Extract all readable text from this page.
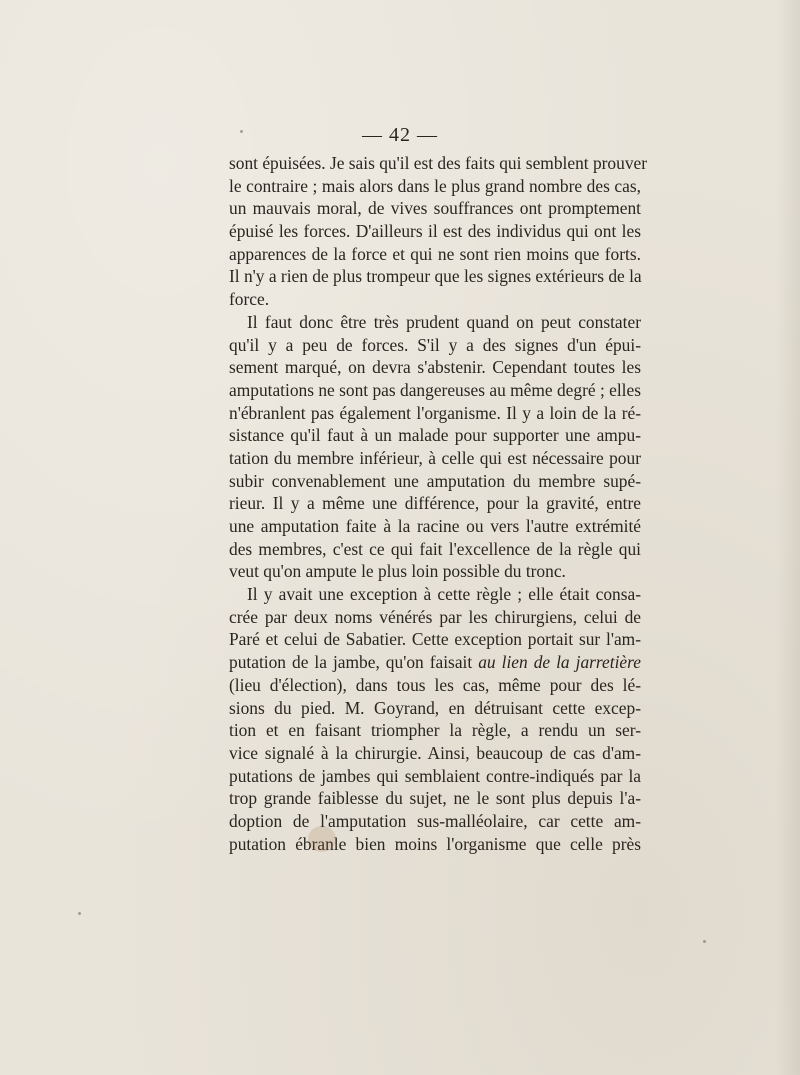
— 42 —
sont épuisées. Je sais qu'il est des faits qui semblent prouver
le contraire ; mais alors dans le plus grand nombre des cas,
un mauvais moral, de vives souffrances ont promptement
épuisé les forces. D'ailleurs il est des individus qui ont les
apparences de la force et qui ne sont rien moins que forts.
Il n'y a rien de plus trompeur que les signes extérieurs de la
force.
Il faut donc être très prudent quand on peut constater
qu'il y a peu de forces. S'il y a des signes d'un épui-
sement marqué, on devra s'abstenir. Cependant toutes les
amputations ne sont pas dangereuses au même degré ; elles
n'ébranlent pas également l'organisme. Il y a loin de la ré-
sistance qu'il faut à un malade pour supporter une ampu-
tation du membre inférieur, à celle qui est nécessaire pour
subir convenablement une amputation du membre supé-
rieur. Il y a même une différence, pour la gravité, entre
une amputation faite à la racine ou vers l'autre extrémité
des membres, c'est ce qui fait l'excellence de la règle qui
veut qu'on ampute le plus loin possible du tronc.
Il y avait une exception à cette règle ; elle était consa-
crée par deux noms vénérés par les chirurgiens, celui de
Paré et celui de Sabatier. Cette exception portait sur l'am-
putation de la jambe, qu'on faisait au lien de la jarretière
(lieu d'élection), dans tous les cas, même pour des lé-
sions du pied. M. Goyrand, en détruisant cette excep-
tion et en faisant triompher la règle, a rendu un ser-
vice signalé à la chirurgie. Ainsi, beaucoup de cas d'am-
putations de jambes qui semblaient contre-indiqués par la
trop grande faiblesse du sujet, ne le sont plus depuis l'a-
doption de l'amputation sus-malléolaire, car cette am-
putation ébranle bien moins l'organisme que celle près
